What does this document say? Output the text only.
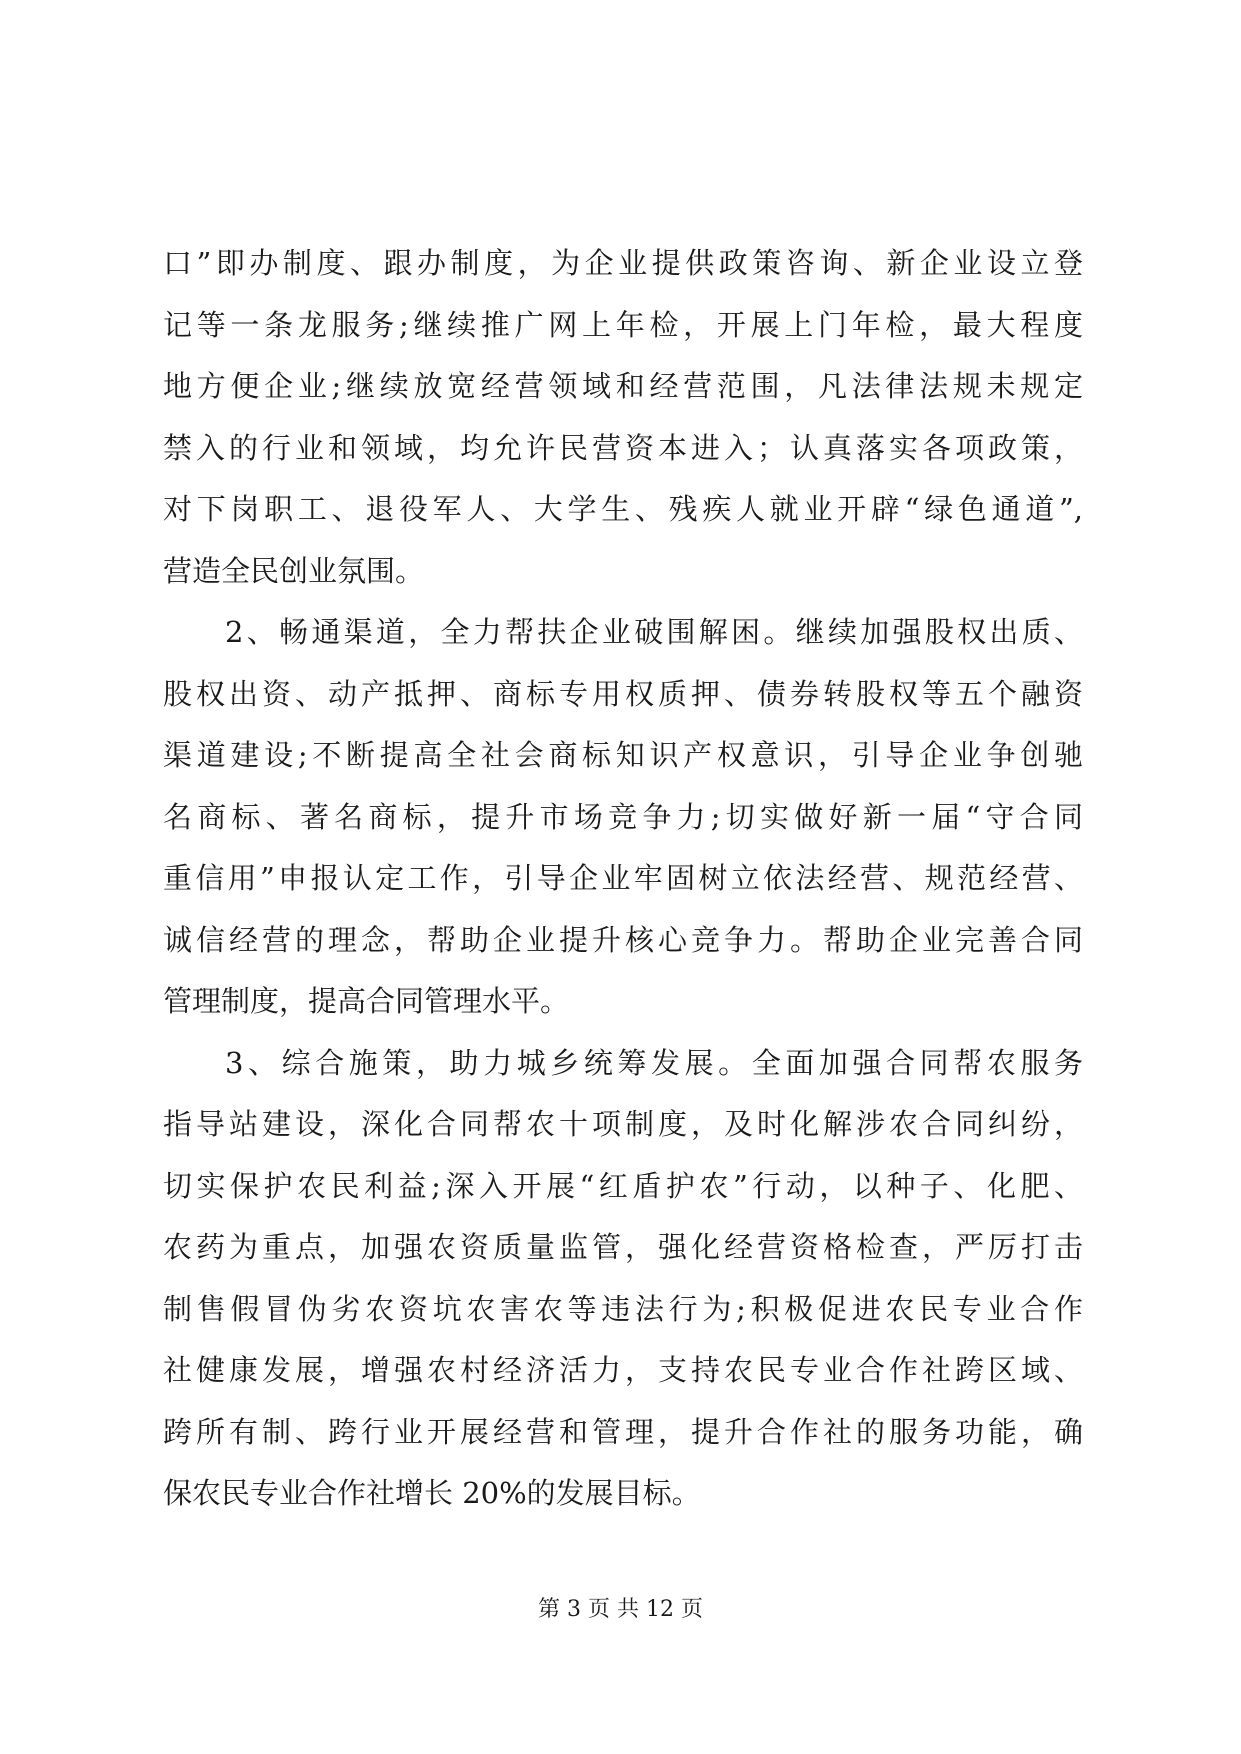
口”即办制度、跟办制度，为企业提供政策咨询、新企业设立登
记等一条龙服务;继续推广网上年检，开展上门年检，最大程度
地方便企业;继续放宽经营领域和经营范围，凡法律法规未规定
禁入的行业和领域，均允许民营资本进入；认真落实各项政策，
对下岗职工、退役军人、大学生、残疾人就业开辟“绿色通道”,
营造全民创业氛围。
2、畅通渠道，全力帮扶企业破围解困。继续加强股权出质、
股权出资、动产抵押、商标专用权质押、债券转股权等五个融资
渠道建设;不断提高全社会商标知识产权意识，引导企业争创驰
名商标、著名商标，提升市场竞争力;切实做好新一届“守合同
重信用”申报认定工作，引导企业牢固树立依法经营、规范经营、
诚信经营的理念，帮助企业提升核心竞争力。帮助企业完善合同
管理制度，提高合同管理水平。
3、综合施策，助力城乡统筹发展。全面加强合同帮农服务
指导站建设，深化合同帮农十项制度，及时化解涉农合同纠纷，
切实保护农民利益;深入开展“红盾护农”行动，以种子、化肥、
农药为重点，加强农资质量监管，强化经营资格检查，严厉打击
制售假冒伪劣农资坑农害农等违法行为;积极促进农民专业合作
社健康发展，增强农村经济活力，支持农民专业合作社跨区域、
跨所有制、跨行业开展经营和管理，提升合作社的服务功能，确
保农民专业合作社增长 20%的发展目标。
第 3 页 共 12 页
